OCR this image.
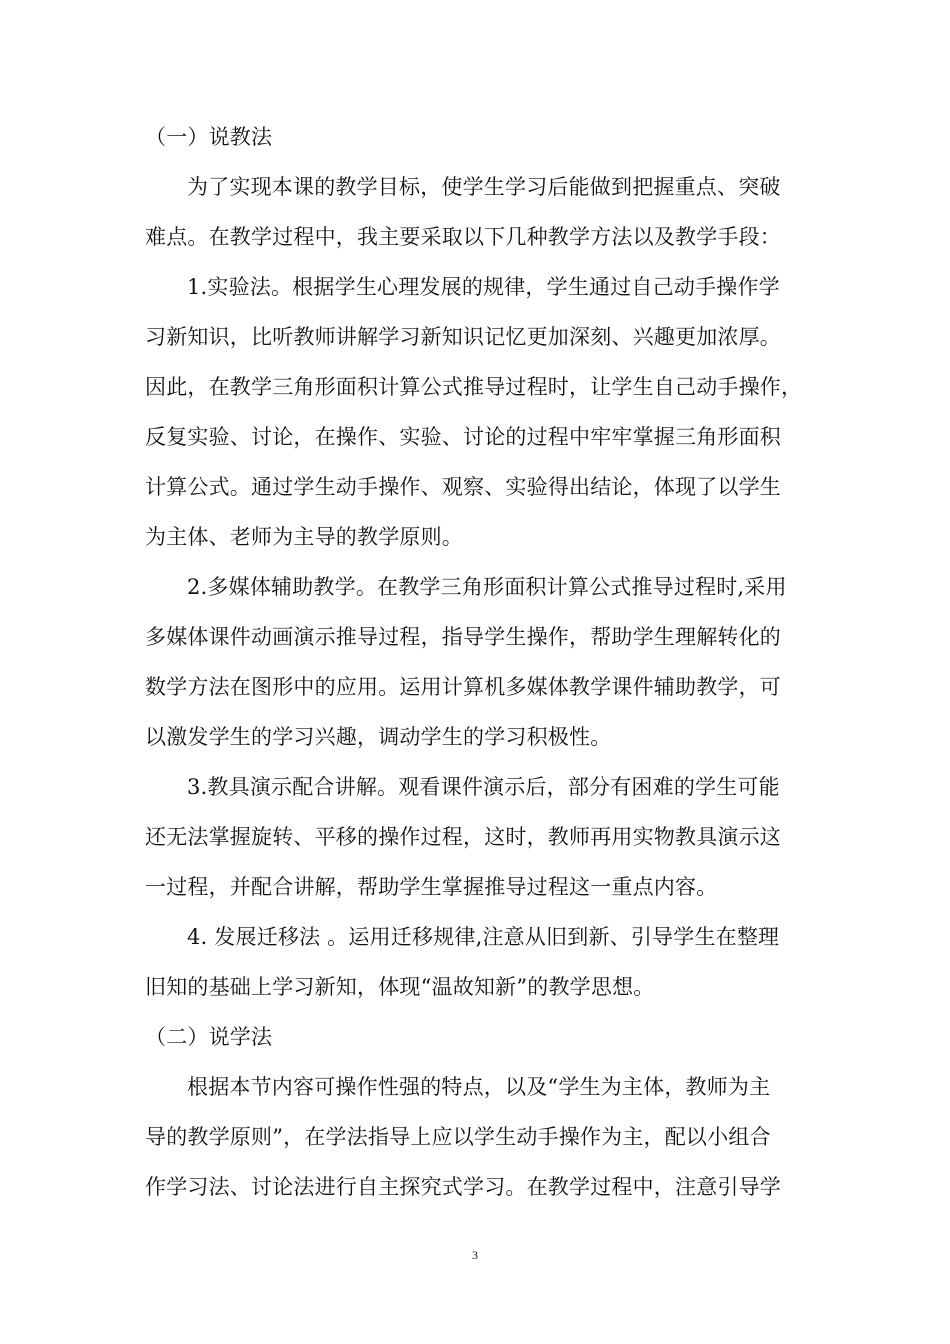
（一）说教法
为了实现本课的教学目标，使学生学习后能做到把握重点、突破
难点。在教学过程中，我主要采取以下几种教学方法以及教学手段：
1.实验法。根据学生心理发展的规律，学生通过自己动手操作学
习新知识，比听教师讲解学习新知识记忆更加深刻、兴趣更加浓厚。
因此，在教学三角形面积计算公式推导过程时，让学生自己动手操作，
反复实验、讨论，在操作、实验、讨论的过程中牢牢掌握三角形面积
计算公式。通过学生动手操作、观察、实验得出结论，体现了以学生
为主体、老师为主导的教学原则。
2.多媒体辅助教学。在教学三角形面积计算公式推导过程时,采用
多媒体课件动画演示推导过程，指导学生操作，帮助学生理解转化的
数学方法在图形中的应用。运用计算机多媒体教学课件辅助教学，可
以激发学生的学习兴趣，调动学生的学习积极性。
3.教具演示配合讲解。观看课件演示后，部分有困难的学生可能
还无法掌握旋转、平移的操作过程，这时，教师再用实物教具演示这
一过程，并配合讲解，帮助学生掌握推导过程这一重点内容。
4. 发展迁移法 。运用迁移规律,注意从旧到新、引导学生在整理
旧知的基础上学习新知，体现“温故知新”的教学思想。
（二）说学法
根据本节内容可操作性强的特点，以及“学生为主体，教师为主
导的教学原则”，在学法指导上应以学生动手操作为主，配以小组合
作学习法、讨论法进行自主探究式学习。在教学过程中，注意引导学
3
